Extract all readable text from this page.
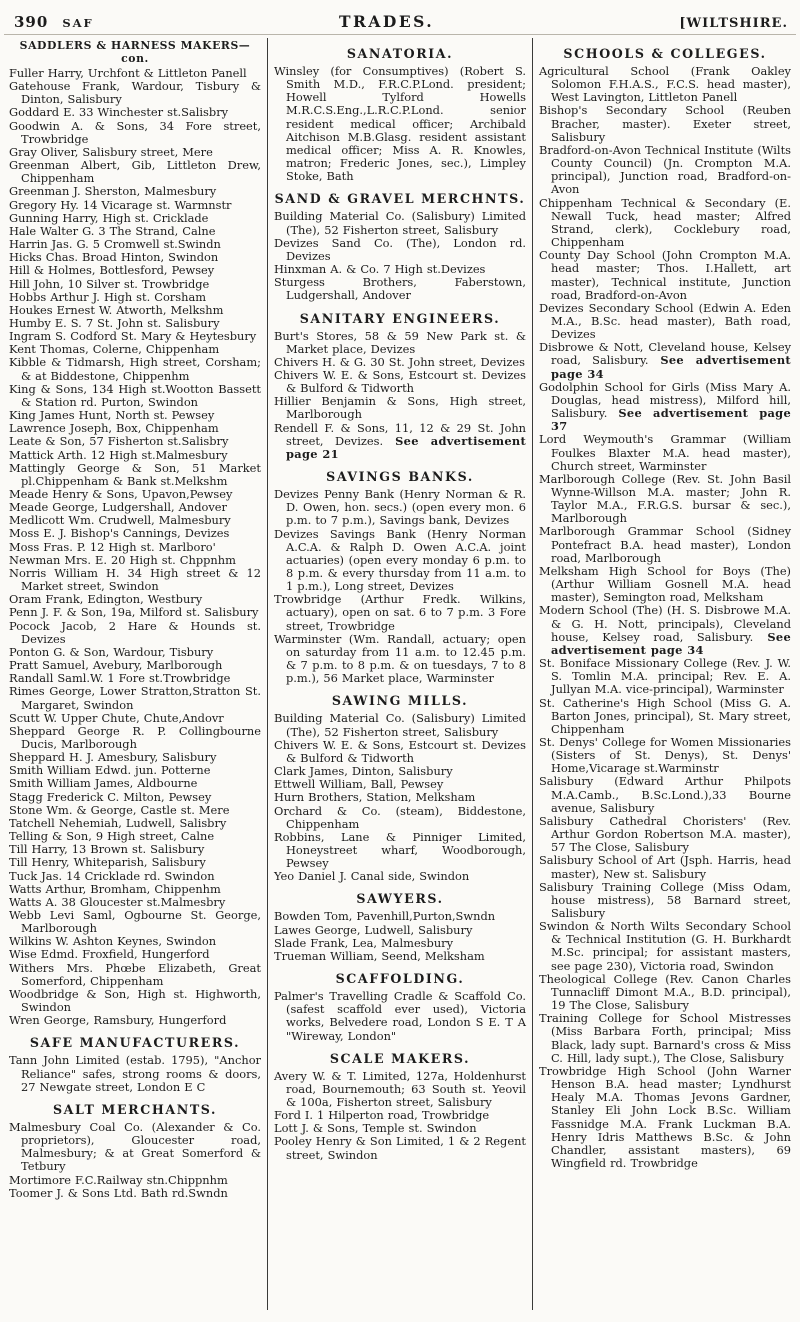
390 SAF	TRADES.	[WILTSHIRE.
SADDLERS & HARNESS MAKERS—con.

Fuller Harry, Urchfont & Littleton Panell

Gatehouse Frank, Wardour, Tisbury & Dinton, Salisbury

Goddard E. 33 Winchester st.Salisbry

Goodwin A. & Sons, 34 Fore street, Trowbridge

Gray Oliver, Salisbury street, Mere

Greenman Albert, Gib, Littleton Drew, Chippenham

Greenman J. Sherston, Malmesbury

Gregory Hy. 14 Vicarage st. Warmnstr

Gunning Harry, High st. Cricklade

Hale Walter G. 3 The Strand, Calne

Harrin Jas. G. 5 Cromwell st.Swindn

Hicks Chas. Broad Hinton, Swindon

Hill & Holmes, Bottlesford, Pewsey

Hill John, 10 Silver st. Trowbridge

Hobbs Arthur J. High st. Corsham

Houkes Ernest W. Atworth, Melkshm

Humby E. S. 7 St. John st. Salisbury

Ingram S. Codford St. Mary & Heytesbury

Kent Thomas, Colerne, Chippenham

Kibble & Tidmarsh, High street, Corsham; & at Biddestone, Chippenhm

King & Sons, 134 High st.Wootton Bassett & Station rd. Purton, Swindon

King James Hunt, North st. Pewsey

Lawrence Joseph, Box, Chippenham

Leate & Son, 57 Fisherton st.Salisbry

Mattick Arth. 12 High st.Malmesbury

Mattingly George & Son, 51 Market pl.Chippenham & Bank st.Melkshm

Meade Henry & Sons, Upavon,Pewsey

Meade George, Ludgershall, Andover

Medlicott Wm. Crudwell, Malmesbury

Moss E. J. Bishop's Cannings, Devizes

Moss Fras. P. 12 High st. Marlboro'

Newman Mrs. E. 20 High st. Chppnhm

Norris William H. 34 High street & 12 Market street, Swindon

Oram Frank, Edington, Westbury

Penn J. F. & Son, 19a, Milford st. Salisbury

Pocock Jacob, 2 Hare & Hounds st. Devizes

Ponton G. & Son, Wardour, Tisbury

Pratt Samuel, Avebury, Marlborough

Randall Saml.W. 1 Fore st.Trowbridge

Rimes George, Lower Stratton,Stratton St. Margaret, Swindon

Scutt W. Upper Chute, Chute,Andovr

Sheppard George R. P. Collingbourne Ducis, Marlborough

Sheppard H. J. Amesbury, Salisbury

Smith William Edwd. jun. Potterne

Smith William James, Aldbourne

Stagg Frederick C. Milton, Pewsey

Stone Wm. & George, Castle st. Mere

Tatchell Nehemiah, Ludwell, Salisbry

Telling & Son, 9 High street, Calne

Till Harry, 13 Brown st. Salisbury

Till Henry, Whiteparish, Salisbury

Tuck Jas. 14 Cricklade rd. Swindon

Watts Arthur, Bromham, Chippenhm

Watts A. 38 Gloucester st.Malmesbry

Webb Levi Saml, Ogbourne St. George, Marlborough

Wilkins W. Ashton Keynes, Swindon

Wise Edmd. Froxfield, Hungerford

Withers Mrs. Phœbe Elizabeth, Great Somerford, Chippenham

Woodbridge & Son, High st. Highworth, Swindon

Wren George, Ramsbury, Hungerford

SAFE MANUFACTURERS.

Tann John Limited (estab. 1795), "Anchor Reliance" safes, strong rooms & doors, 27 Newgate street, London E C

SALT MERCHANTS.

Malmesbury Coal Co. (Alexander & Co. proprietors), Gloucester road, Malmesbury; & at Great Somerford & Tetbury

Mortimore F.C.Railway stn.Chippnhm

Toomer J. & Sons Ltd. Bath rd.Swndn

SANATORIA.

Winsley (for Consumptives) (Robert S. Smith M.D., F.R.C.P.Lond. president; Howell Tylford Howells M.R.C.S.Eng.,L.R.C.P.Lond. senior resident medical officer; Archibald Aitchison M.B.Glasg. resident assistant medical officer; Miss A. R. Knowles, matron; Frederic Jones, sec.), Limpley Stoke, Bath

SAND & GRAVEL MERCHNTS.

Building Material Co. (Salisbury) Limited (The), 52 Fisherton street, Salisbury

Devizes Sand Co. (The), London rd. Devizes

Hinxman A. & Co. 7 High st.Devizes

Sturgess Brothers, Faberstown, Ludgershall, Andover

SANITARY ENGINEERS.

Burt's Stores, 58 & 59 New Park st. & Market place, Devizes

Chivers H. & G. 30 St. John street, Devizes

Chivers W. E. & Sons, Estcourt st. Devizes & Bulford & Tidworth

Hillier Benjamin & Sons, High street, Marlborough

Rendell F. & Sons, 11, 12 & 29 St. John street, Devizes. See advertisement page 21

SAVINGS BANKS.

Devizes Penny Bank (Henry Norman & R. D. Owen, hon. secs.) (open every mon. 6 p.m. to 7 p.m.), Savings bank, Devizes

Devizes Savings Bank (Henry Norman A.C.A. & Ralph D. Owen A.C.A. joint actuaries) (open every monday 6 p.m. to 8 p.m. & every thursday from 11 a.m. to 1 p.m.), Long street, Devizes

Trowbridge (Arthur Fredk. Wilkins, actuary), open on sat. 6 to 7 p.m. 3 Fore street, Trowbridge

Warminster (Wm. Randall, actuary; open on saturday from 11 a.m. to 12.45 p.m. & 7 p.m. to 8 p.m. & on tuesdays, 7 to 8 p.m.), 56 Market place, Warminster

SAWING MILLS.

Building Material Co. (Salisbury) Limited (The), 52 Fisherton street, Salisbury

Chivers W. E. & Sons, Estcourt st. Devizes & Bulford & Tidworth

Clark James, Dinton, Salisbury

Ettwell William, Ball, Pewsey

Hurn Brothers, Station, Melksham

Orchard & Co. (steam), Biddestone, Chippenham

Robbins, Lane & Pinniger Limited, Honeystreet wharf, Woodborough, Pewsey

Yeo Daniel J. Canal side, Swindon

SAWYERS.

Bowden Tom, Pavenhill,Purton,Swndn

Lawes George, Ludwell, Salisbury

Slade Frank, Lea, Malmesbury

Trueman William, Seend, Melksham

SCAFFOLDING.

Palmer's Travelling Cradle & Scaffold Co. (safest scaffold ever used), Victoria works, Belvedere road, London S E. T A "Wireway, London"

SCALE MAKERS.

Avery W. & T. Limited, 127a, Holdenhurst road, Bournemouth; 63 South st. Yeovil & 100a, Fisherton street, Salisbury

Ford I. 1 Hilperton road, Trowbridge

Lott J. & Sons, Temple st. Swindon

Pooley Henry & Son Limited, 1 & 2 Regent street, Swindon

SCHOOLS & COLLEGES.

Agricultural School (Frank Oakley Solomon F.H.A.S., F.C.S. head master), West Lavington, Littleton Panell

Bishop's Secondary School (Reuben Bracher, master). Exeter street, Salisbury

Bradford-on-Avon Technical Institute (Wilts County Council) (Jn. Crompton M.A. principal), Junction road, Bradford-on-Avon

Chippenham Technical & Secondary (E. Newall Tuck, head master; Alfred Strand, clerk), Cocklebury road, Chippenham

County Day School (John Crompton M.A. head master; Thos. I.Hallett, art master), Technical institute, Junction road, Bradford-on-Avon

Devizes Secondary School (Edwin A. Eden M.A., B.Sc. head master), Bath road, Devizes

Disbrowe & Nott, Cleveland house, Kelsey road, Salisbury. See advertisement page 34

Godolphin School for Girls (Miss Mary A. Douglas, head mistress), Milford hill, Salisbury. See advertisement page 37

Lord Weymouth's Grammar (William Foulkes Blaxter M.A. head master), Church street, Warminster

Marlborough College (Rev. St. John Basil Wynne-Willson M.A. master; John R. Taylor M.A., F.R.G.S. bursar & sec.), Marlborough

Marlborough Grammar School (Sidney Pontefract B.A. head master), London road, Marlborough

Melksham High School for Boys (The) (Arthur William Gosnell M.A. head master), Semington road, Melksham

Modern School (The) (H. S. Disbrowe M.A. & G. H. Nott, principals), Cleveland house, Kelsey road, Salisbury. See advertisement page 34

St. Boniface Missionary College (Rev. J. W. S. Tomlin M.A. principal; Rev. E. A. Jullyan M.A. vice-principal), Warminster

St. Catherine's High School (Miss G. A. Barton Jones, principal), St. Mary street, Chippenham

St. Denys' College for Women Missionaries (Sisters of St. Denys), St. Denys' Home,Vicarage st.Warminstr

Salisbury (Edward Arthur Philpots M.A.Camb., B.Sc.Lond.),33 Bourne avenue, Salisbury

Salisbury Cathedral Choristers' (Rev. Arthur Gordon Robertson M.A. master), 57 The Close, Salisbury

Salisbury School of Art (Jsph. Harris, head master), New st. Salisbury

Salisbury Training College (Miss Odam, house mistress), 58 Barnard street, Salisbury

Swindon & North Wilts Secondary School & Technical Institution (G. H. Burkhardt M.Sc. principal; for assistant masters, see page 230), Victoria road, Swindon

Theological College (Rev. Canon Charles Tunnacliff Dimont M.A., B.D. principal), 19 The Close, Salisbury

Training College for School Mistresses (Miss Barbara Forth, principal; Miss Black, lady supt. Barnard's cross & Miss C. Hill, lady supt.), The Close, Salisbury

Trowbridge High School (John Warner Henson B.A. head master; Lyndhurst Healy M.A. Thomas Jevons Gardner, Stanley Eli John Lock B.Sc. William Fassnidge M.A. Frank Luckman B.A. Henry Idris Matthews B.Sc. & John Chandler, assistant masters), 69 Wingfield rd. Trowbridge
